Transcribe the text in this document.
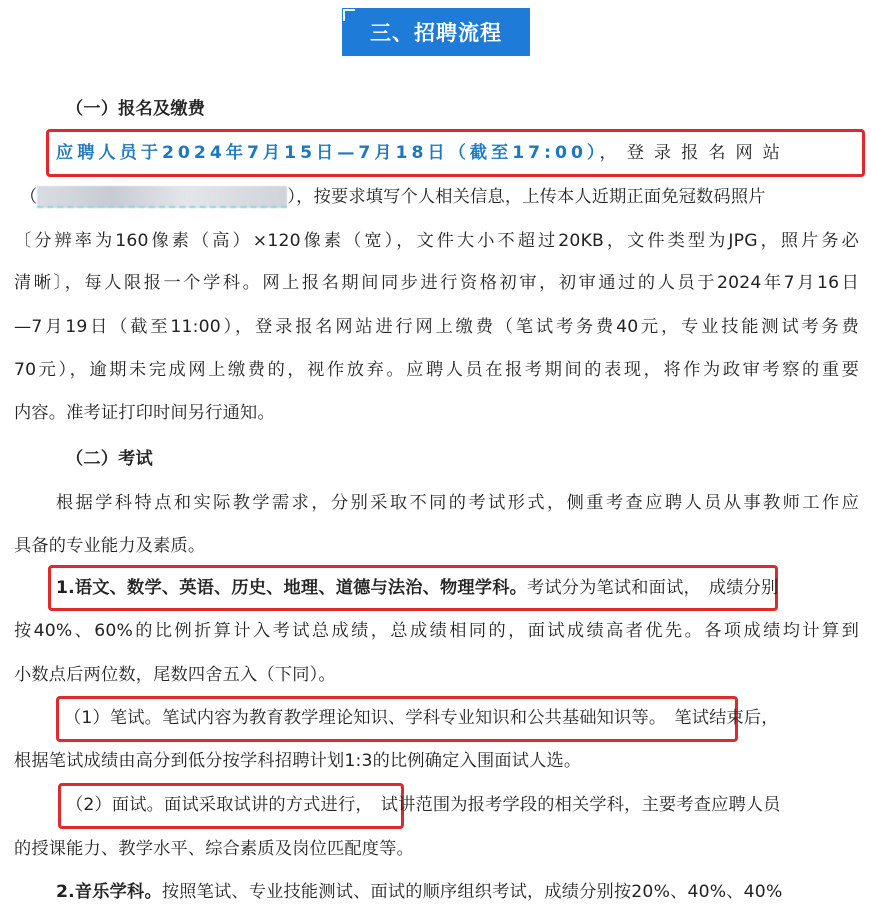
三、招聘流程
（一）报名及缴费
应聘人员于2024年7月15日—7月18日（截至17:00），登录报名网站
（	），按要求填写个人相关信息，上传本人近期正面免冠数码照片
〔分辨率为160像素（高）×120像素（宽），文件大小不超过20KB，文件类型为JPG，照片务必
清晰〕，每人限报一个学科。网上报名期间同步进行资格初审，初审通过的人员于2024年7月16日
—7月19日（截至11:00），登录报名网站进行网上缴费（笔试考务费40元，专业技能测试考务费
70元），逾期未完成网上缴费的，视作放弃。应聘人员在报考期间的表现，将作为政审考察的重要
内容。准考证打印时间另行通知。
（二）考试
根据学科特点和实际教学需求，分别采取不同的考试形式，侧重考查应聘人员从事教师工作应
具备的专业能力及素质。
1.语文、数学、英语、历史、地理、道德与法治、物理学科。考试分为笔试和面试， 成绩分别
按40%、60%的比例折算计入考试总成绩，总成绩相同的，面试成绩高者优先。各项成绩均计算到
小数点后两位数，尾数四舍五入（下同）。
（1）笔试。笔试内容为教育教学理论知识、学科专业知识和公共基础知识等。 笔试结束后，
根据笔试成绩由高分到低分按学科招聘计划1:3的比例确定入围面试人选。
（2）面试。面试采取试讲的方式进行， 试讲范围为报考学段的相关学科，主要考查应聘人员
的授课能力、教学水平、综合素质及岗位匹配度等。
2.音乐学科。按照笔试、专业技能测试、面试的顺序组织考试，成绩分别按20%、40%、40%
